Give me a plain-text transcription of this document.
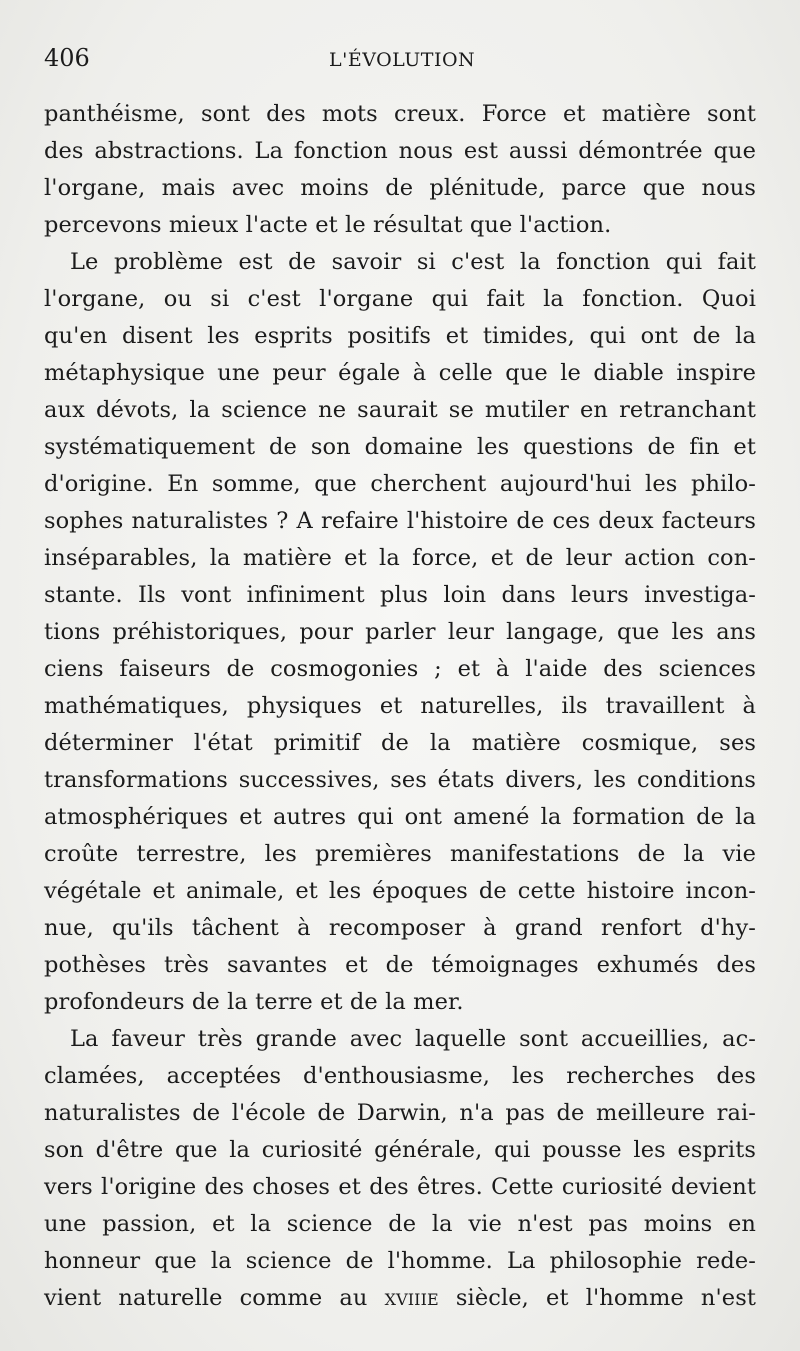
406	L'ÉVOLUTION
panthéisme, sont des mots creux. Force et matière sont
des abstractions. La fonction nous est aussi démontrée que
l'organe, mais avec moins de plénitude, parce que nous
percevons mieux l'acte et le résultat que l'action.
Le problème est de savoir si c'est la fonction qui fait
l'organe, ou si c'est l'organe qui fait la fonction. Quoi
qu'en disent les esprits positifs et timides, qui ont de la
métaphysique une peur égale à celle que le diable inspire
aux dévots, la science ne saurait se mutiler en retranchant
systématiquement de son domaine les questions de fin et
d'origine. En somme, que cherchent aujourd'hui les philo-
sophes naturalistes ? A refaire l'histoire de ces deux facteurs
inséparables, la matière et la force, et de leur action con-
stante. Ils vont infiniment plus loin dans leurs investiga-
tions préhistoriques, pour parler leur langage, que les ans
ciens faiseurs de cosmogonies ; et à l'aide des sciences
mathématiques, physiques et naturelles, ils travaillent à
déterminer l'état primitif de la matière cosmique, ses
transformations successives, ses états divers, les conditions
atmosphériques et autres qui ont amené la formation de la
croûte terrestre, les premières manifestations de la vie
végétale et animale, et les époques de cette histoire incon-
nue, qu'ils tâchent à recomposer à grand renfort d'hy-
pothèses très savantes et de témoignages exhumés des
profondeurs de la terre et de la mer.
La faveur très grande avec laquelle sont accueillies, ac-
clamées, acceptées d'enthousiasme, les recherches des
naturalistes de l'école de Darwin, n'a pas de meilleure rai-
son d'être que la curiosité générale, qui pousse les esprits
vers l'origine des choses et des êtres. Cette curiosité devient
une passion, et la science de la vie n'est pas moins en
honneur que la science de l'homme. La philosophie rede-
vient naturelle comme au xviiie siècle, et l'homme n'est
